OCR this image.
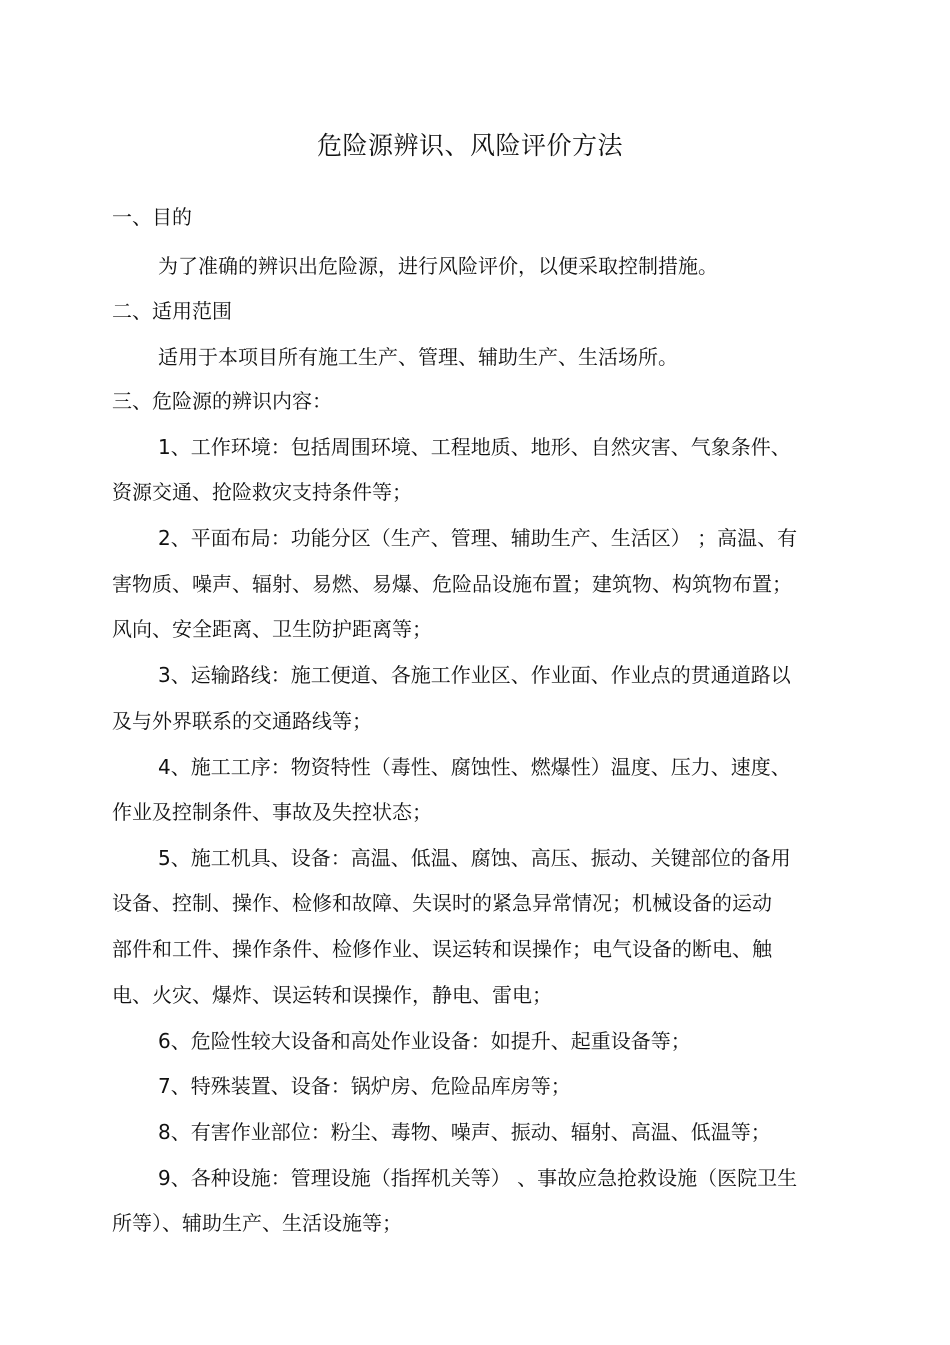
危险源辨识、风险评价方法
一、目的
为了准确的辨识出危险源，进行风险评价，以便采取控制措施。
二、适用范围
适用于本项目所有施工生产、管理、辅助生产、生活场所。
三、危险源的辨识内容：
1、工作环境：包括周围环境、工程地质、地形、自然灾害、气象条件、
资源交通、抢险救灾支持条件等；
2、平面布局：功能分区（生产、管理、辅助生产、生活区） ；高温、有
害物质、噪声、辐射、易燃、易爆、危险品设施布置；建筑物、构筑物布置；
风向、安全距离、卫生防护距离等；
3、运输路线：施工便道、各施工作业区、作业面、作业点的贯通道路以
及与外界联系的交通路线等；
4、施工工序：物资特性（毒性、腐蚀性、燃爆性）温度、压力、速度、
作业及控制条件、事故及失控状态；
5、施工机具、设备：高温、低温、腐蚀、高压、振动、关键部位的备用
设备、控制、操作、检修和故障、失误时的紧急异常情况；机械设备的运动
部件和工件、操作条件、检修作业、误运转和误操作；电气设备的断电、触
电、火灾、爆炸、误运转和误操作，静电、雷电；
6、危险性较大设备和高处作业设备：如提升、起重设备等；
7、特殊装置、设备：锅炉房、危险品库房等；
8、有害作业部位：粉尘、毒物、噪声、振动、辐射、高温、低温等；
9、各种设施：管理设施（指挥机关等） 、事故应急抢救设施（医院卫生
所等）、辅助生产、生活设施等；
